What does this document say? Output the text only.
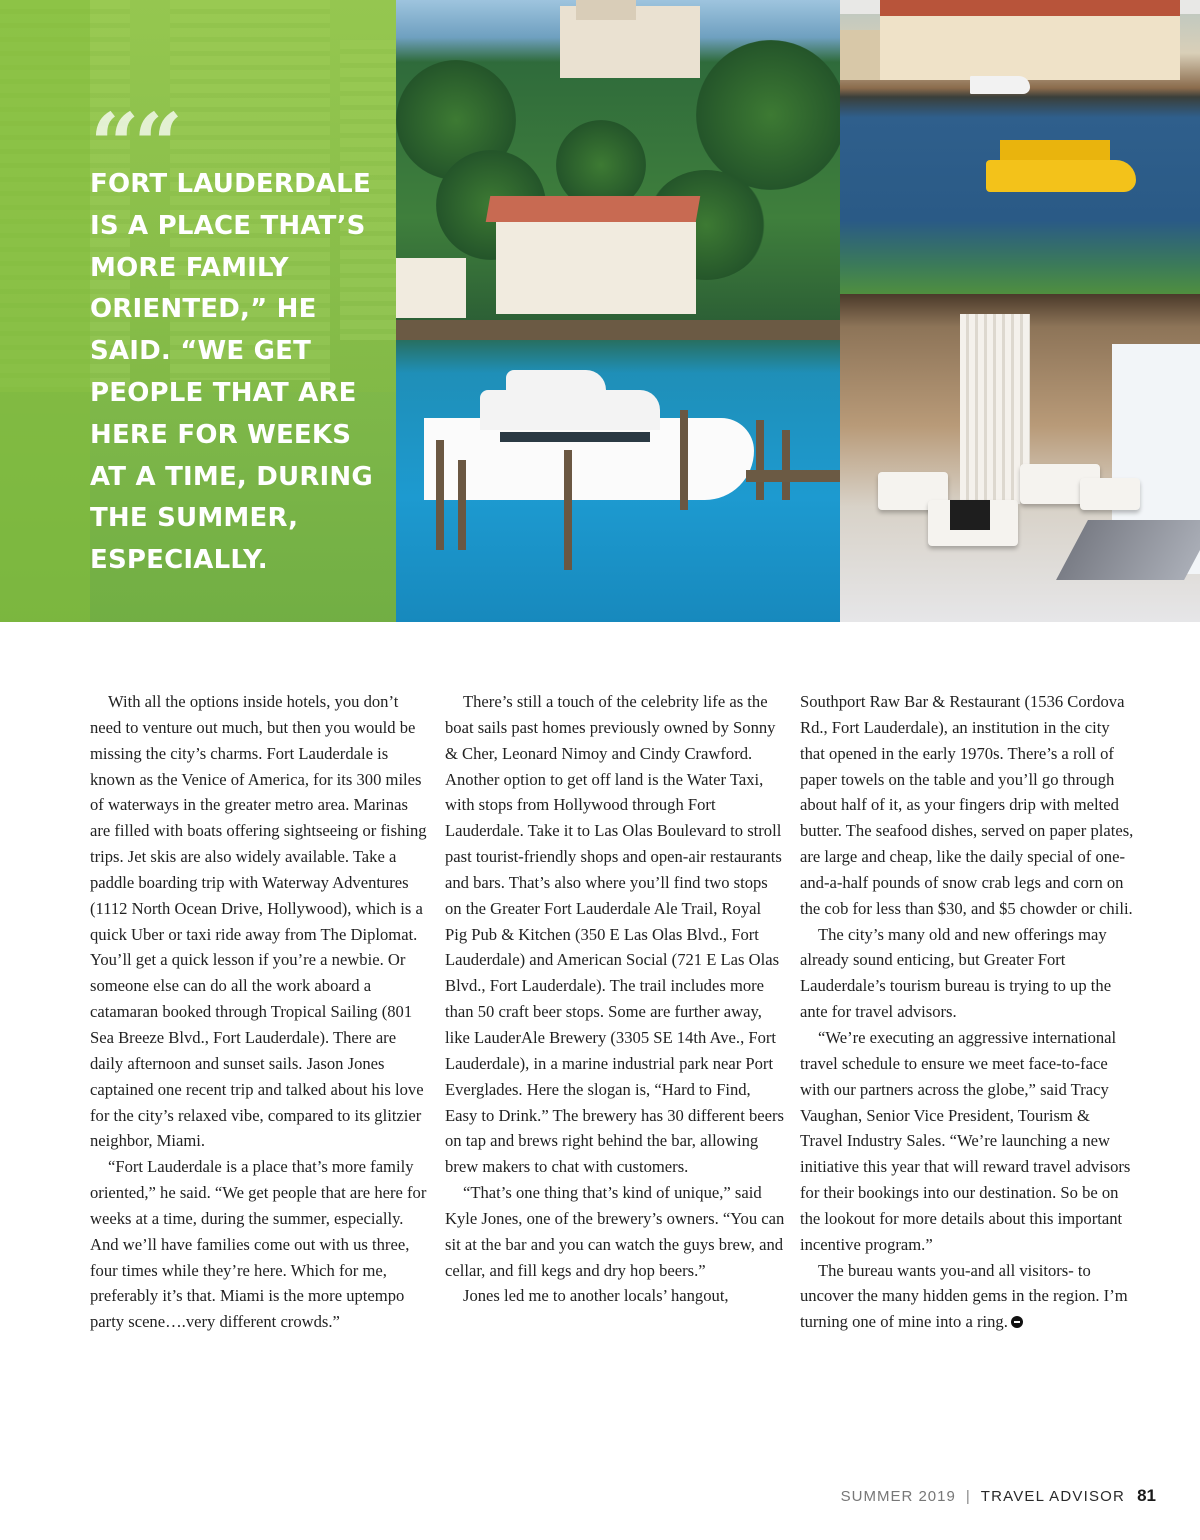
““
FORT LAUDERDALE
IS A PLACE THAT’S
MORE FAMILY
ORIENTED,” HE
SAID. “WE GET
PEOPLE THAT ARE
HERE FOR WEEKS
AT A TIME, DURING
THE SUMMER,
ESPECIALLY.

With all the options inside hotels, you don’t need to venture out much, but then you would be missing the city’s charms. Fort Lauderdale is known as the Venice of America, for its 300 miles of waterways in the greater metro area. Marinas are filled with boats offering sightseeing or fishing trips. Jet skis are also widely available. Take a paddle boarding trip with Waterway Adventures (1112 North Ocean Drive, Hollywood), which is a quick Uber or taxi ride away from The Diplomat. You’ll get a quick lesson if you’re a newbie. Or someone else can do all the work aboard a catamaran booked through Tropical Sailing (801 Sea Breeze Blvd., Fort Lauderdale). There are daily afternoon and sunset sails. Jason Jones captained one recent trip and talked about his love for the city’s relaxed vibe, compared to its glitzier neighbor, Miami.

“Fort Lauderdale is a place that’s more family oriented,” he said. “We get people that are here for weeks at a time, during the summer, especially. And we’ll have families come out with us three, four times while they’re here. Which for me, preferably it’s that. Miami is the more uptempo party scene….very different crowds.”

There’s still a touch of the celebrity life as the boat sails past homes previously owned by Sonny & Cher, Leonard Nimoy and Cindy Crawford. Another option to get off land is the Water Taxi, with stops from Hollywood through Fort Lauderdale. Take it to Las Olas Boulevard to stroll past tourist-friendly shops and open-air restaurants and bars. That’s also where you’ll find two stops on the Greater Fort Lauderdale Ale Trail, Royal Pig Pub & Kitchen (350 E Las Olas Blvd., Fort Lauderdale) and American Social (721 E Las Olas Blvd., Fort Lauderdale). The trail includes more than 50 craft beer stops. Some are further away, like LauderAle Brewery (3305 SE 14th Ave., Fort Lauderdale), in a marine industrial park near Port Everglades. Here the slogan is, “Hard to Find, Easy to Drink.” The brewery has 30 different beers on tap and brews right behind the bar, allowing brew makers to chat with customers.

“That’s one thing that’s kind of unique,” said Kyle Jones, one of the brewery’s owners. “You can sit at the bar and you can watch the guys brew, and cellar, and fill kegs and dry hop beers.”

Jones led me to another locals’ hangout,

Southport Raw Bar & Restaurant (1536 Cordova Rd., Fort Lauderdale), an institution in the city that opened in the early 1970s. There’s a roll of paper towels on the table and you’ll go through about half of it, as your fingers drip with melted butter. The seafood dishes, served on paper plates, are large and cheap, like the daily special of one-and-a-half pounds of snow crab legs and corn on the cob for less than $30, and $5 chowder or chili.

The city’s many old and new offerings may already sound enticing, but Greater Fort Lauderdale’s tourism bureau is trying to up the ante for travel advisors.

“We’re executing an aggressive international travel schedule to ensure we meet face-to-face with our partners across the globe,” said Tracy Vaughan, Senior Vice President, Tourism & Travel Industry Sales. “We’re launching a new initiative this year that will reward travel advisors for their bookings into our destination. So be on the lookout for more details about this important incentive program.”

The bureau wants you-and all visitors- to uncover the many hidden gems in the region. I’m turning one of mine into a ring.

SUMMER 2019 | TRAVEL ADVISOR 81
